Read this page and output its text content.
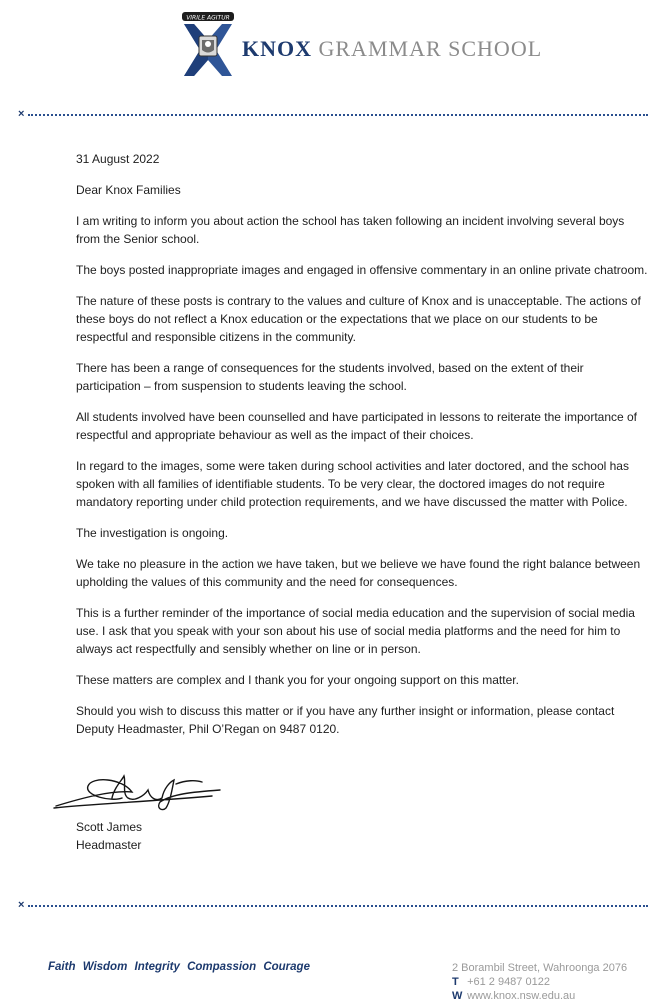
VIRILE AGITUR
KNOX GRAMMAR SCHOOL
×

31 August 2022

Dear Knox Families

I am writing to inform you about action the school has taken following an incident involving several boys from the Senior school.

The boys posted inappropriate images and engaged in offensive commentary in an online private chatroom.

The nature of these posts is contrary to the values and culture of Knox and is unacceptable. The actions of these boys do not reflect a Knox education or the expectations that we place on our students to be respectful and responsible citizens in the community.

There has been a range of consequences for the students involved, based on the extent of their participation – from suspension to students leaving the school.

All students involved have been counselled and have participated in lessons to reiterate the importance of respectful and appropriate behaviour as well as the impact of their choices.

In regard to the images, some were taken during school activities and later doctored, and the school has spoken with all families of identifiable students. To be very clear, the doctored images do not require mandatory reporting under child protection requirements, and we have discussed the matter with Police.

The investigation is ongoing.

We take no pleasure in the action we have taken, but we believe we have found the right balance between upholding the values of this community and the need for consequences.

This is a further reminder of the importance of social media education and the supervision of social media use. I ask that you speak with your son about his use of social media platforms and the need for him to always act respectfully and sensibly whether on line or in person.

These matters are complex and I thank you for your ongoing support on this matter.

Should you wish to discuss this matter or if you have any further insight or information, please contact Deputy Headmaster, Phil O’Regan on 9487 0120.

Scott James
Headmaster
×
Faith Wisdom Integrity Compassion Courage	2 Borambil Street, Wahroonga 2076
T +61 2 9487 0122
W www.knox.nsw.edu.au
